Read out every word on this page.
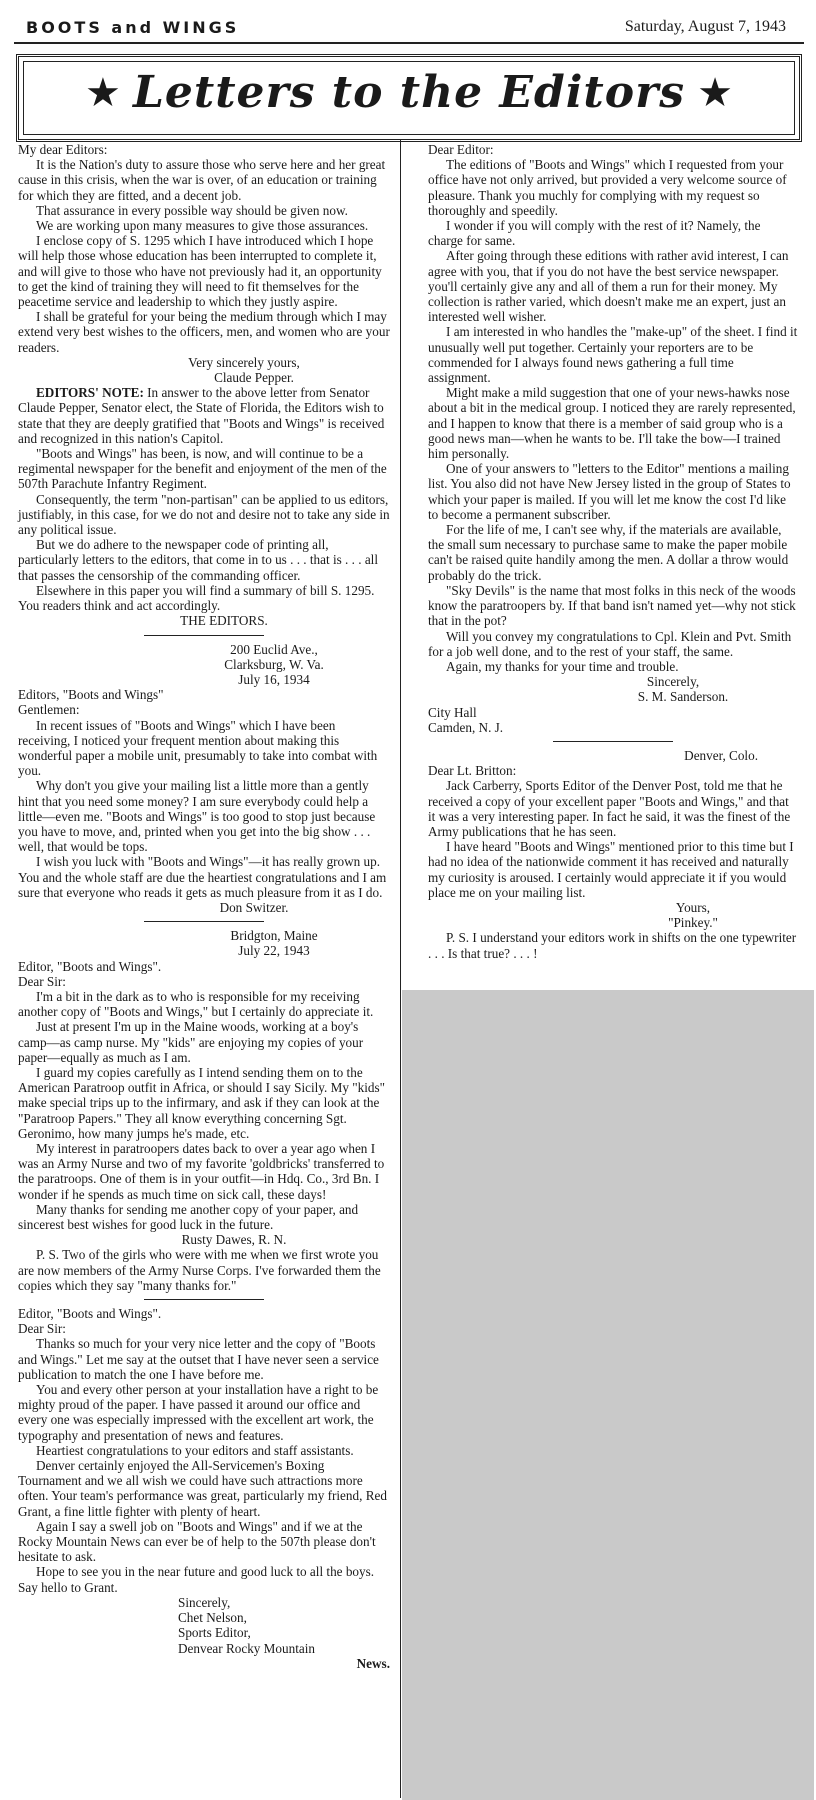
BOOTS and WINGS	Saturday, August 7, 1943
★ Letters to the Editors ★

My dear Editors:

It is the Nation's duty to assure those who serve here and her great cause in this crisis, when the war is over, of an education or training for which they are fitted, and a decent job.

That assurance in every possible way should be given now.

We are working upon many measures to give those assurances.

I enclose copy of S. 1295 which I have introduced which I hope will help those whose education has been interrupted to complete it, and will give to those who have not previously had it, an opportunity to get the kind of training they will need to fit themselves for the peacetime service and leadership to which they justly aspire.

I shall be grateful for your being the medium through which I may extend very best wishes to the officers, men, and women who are your readers.

Very sincerely yours,

Claude Pepper.

EDITORS' NOTE: In answer to the above letter from Senator Claude Pepper, Senator elect, the State of Florida, the Editors wish to state that they are deeply gratified that "Boots and Wings" is received and recognized in this nation's Capitol.

"Boots and Wings" has been, is now, and will continue to be a regimental newspaper for the benefit and enjoyment of the men of the 507th Parachute Infantry Regiment.

Consequently, the term "non-partisan" can be applied to us editors, justifiably, in this case, for we do not and desire not to take any side in any political issue.

But we do adhere to the newspaper code of printing all, particularly letters to the editors, that come in to us . . . that is . . . all that passes the censorship of the commanding officer.

Elsewhere in this paper you will find a summary of bill S. 1295. You readers think and act accordingly.

THE EDITORS.

200 Euclid Ave.,

Clarksburg, W. Va.

July 16, 1934

Editors, "Boots and Wings"

Gentlemen:

In recent issues of "Boots and Wings" which I have been receiving, I noticed your frequent mention about making this wonderful paper a mobile unit, presumably to take into combat with you.

Why don't you give your mailing list a little more than a gently hint that you need some money? I am sure everybody could help a little—even me. "Boots and Wings" is too good to stop just because you have to move, and, printed when you get into the big show . . . well, that would be tops.

I wish you luck with "Boots and Wings"—it has really grown up. You and the whole staff are due the heartiest congratulations and I am sure that everyone who reads it gets as much pleasure from it as I do.

Don Switzer.

Bridgton, Maine

July 22, 1943

Editor, "Boots and Wings".

Dear Sir:

I'm a bit in the dark as to who is responsible for my receiving another copy of "Boots and Wings," but I certainly do appreciate it.

Just at present I'm up in the Maine woods, working at a boy's camp—as camp nurse. My "kids" are enjoying my copies of your paper—equally as much as I am.

I guard my copies carefully as I intend sending them on to the American Paratroop outfit in Africa, or should I say Sicily. My "kids" make special trips up to the infirmary, and ask if they can look at the "Paratroop Papers." They all know everything concerning Sgt. Geronimo, how many jumps he's made, etc.

My interest in paratroopers dates back to over a year ago when I was an Army Nurse and two of my favorite 'goldbricks' transferred to the paratroops. One of them is in your outfit—in Hdq. Co., 3rd Bn. I wonder if he spends as much time on sick call, these days!

Many thanks for sending me another copy of your paper, and sincerest best wishes for good luck in the future.

Rusty Dawes, R. N.

P. S. Two of the girls who were with me when we first wrote you are now members of the Army Nurse Corps. I've forwarded them the copies which they say "many thanks for."

Editor, "Boots and Wings".

Dear Sir:

Thanks so much for your very nice letter and the copy of "Boots and Wings." Let me say at the outset that I have never seen a service publication to match the one I have before me.

You and every other person at your installation have a right to be mighty proud of the paper. I have passed it around our office and every one was especially impressed with the excellent art work, the typography and presentation of news and features.

Heartiest congratulations to your editors and staff assistants.

Denver certainly enjoyed the All-Servicemen's Boxing Tournament and we all wish we could have such attractions more often. Your team's performance was great, particularly my friend, Red Grant, a fine little fighter with plenty of heart.

Again I say a swell job on "Boots and Wings" and if we at the Rocky Mountain News can ever be of help to the 507th please don't hesitate to ask.

Hope to see you in the near future and good luck to all the boys. Say hello to Grant.

Sincerely,

Chet Nelson,

Sports Editor,

Denvear Rocky Mountain

News.

Dear Editor:

The editions of "Boots and Wings" which I requested from your office have not only arrived, but provided a very welcome source of pleasure. Thank you muchly for complying with my request so thoroughly and speedily.

I wonder if you will comply with the rest of it? Namely, the charge for same.

After going through these editions with rather avid interest, I can agree with you, that if you do not have the best service newspaper. you'll certainly give any and all of them a run for their money. My collection is rather varied, which doesn't make me an expert, just an interested well wisher.

I am interested in who handles the "make-up" of the sheet. I find it unusually well put together. Certainly your reporters are to be commended for I always found news gathering a full time assignment.

Might make a mild suggestion that one of your news-hawks nose about a bit in the medical group. I noticed they are rarely represented, and I happen to know that there is a member of said group who is a good news man—when he wants to be. I'll take the bow—I trained him personally.

One of your answers to "letters to the Editor" mentions a mailing list. You also did not have New Jersey listed in the group of States to which your paper is mailed. If you will let me know the cost I'd like to become a permanent subscriber.

For the life of me, I can't see why, if the materials are available, the small sum necessary to purchase same to make the paper mobile can't be raised quite handily among the men. A dollar a throw would probably do the trick.

"Sky Devils" is the name that most folks in this neck of the woods know the paratroopers by. If that band isn't named yet—why not stick that in the pot?

Will you convey my congratulations to Cpl. Klein and Pvt. Smith for a job well done, and to the rest of your staff, the same.

Again, my thanks for your time and trouble.

Sincerely,

S. M. Sanderson.

City Hall

Camden, N. J.

Denver, Colo.

Dear Lt. Britton:

Jack Carberry, Sports Editor of the Denver Post, told me that he received a copy of your excellent paper "Boots and Wings," and that it was a very interesting paper. In fact he said, it was the finest of the Army publications that he has seen.

I have heard "Boots and Wings" mentioned prior to this time but I had no idea of the nationwide comment it has received and naturally my curiosity is aroused. I certainly would appreciate it if you would place me on your mailing list.

Yours,

"Pinkey."

P. S. I understand your editors work in shifts on the one typewriter . . . Is that true? . . . !
